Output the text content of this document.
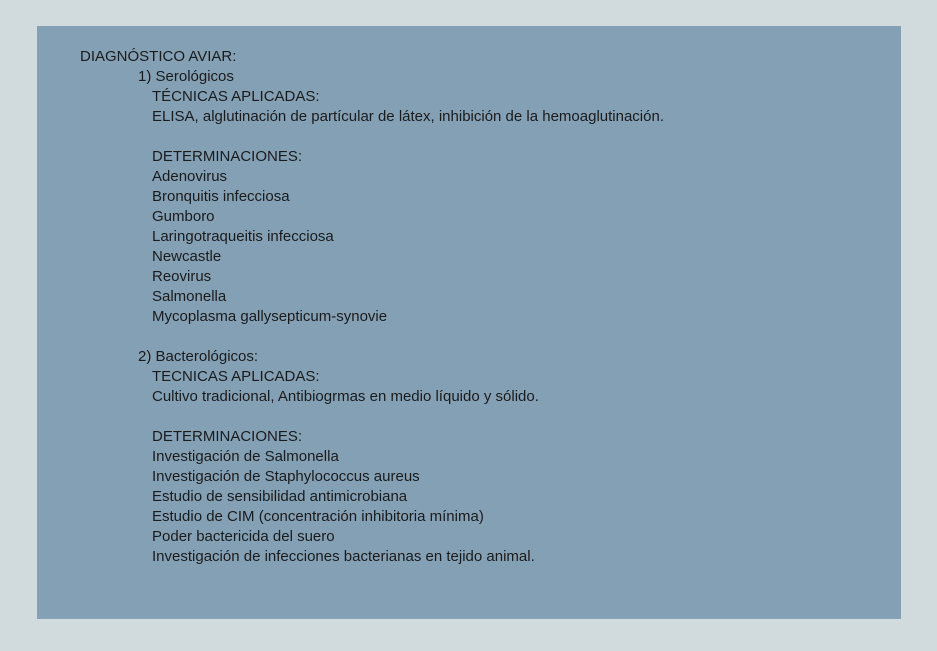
DIAGNÓSTICO AVIAR:
1) Serológicos
TÉCNICAS APLICADAS:
ELISA, alglutinación de partícular de látex, inhibición de la hemoaglutinación.
DETERMINACIONES:
Adenovirus
Bronquitis infecciosa
Gumboro
Laringotraqueitis infecciosa
Newcastle
Reovirus
Salmonella
Mycoplasma gallysepticum-synovie
2) Bacterológicos:
TECNICAS APLICADAS:
Cultivo tradicional, Antibiogrmas en medio líquido y sólido.
DETERMINACIONES:
Investigación de Salmonella
Investigación de Staphylococcus aureus
Estudio de sensibilidad antimicrobiana
Estudio de CIM (concentración inhibitoria mínima)
Poder bactericida del suero
Investigación de infecciones bacterianas en tejido animal.
